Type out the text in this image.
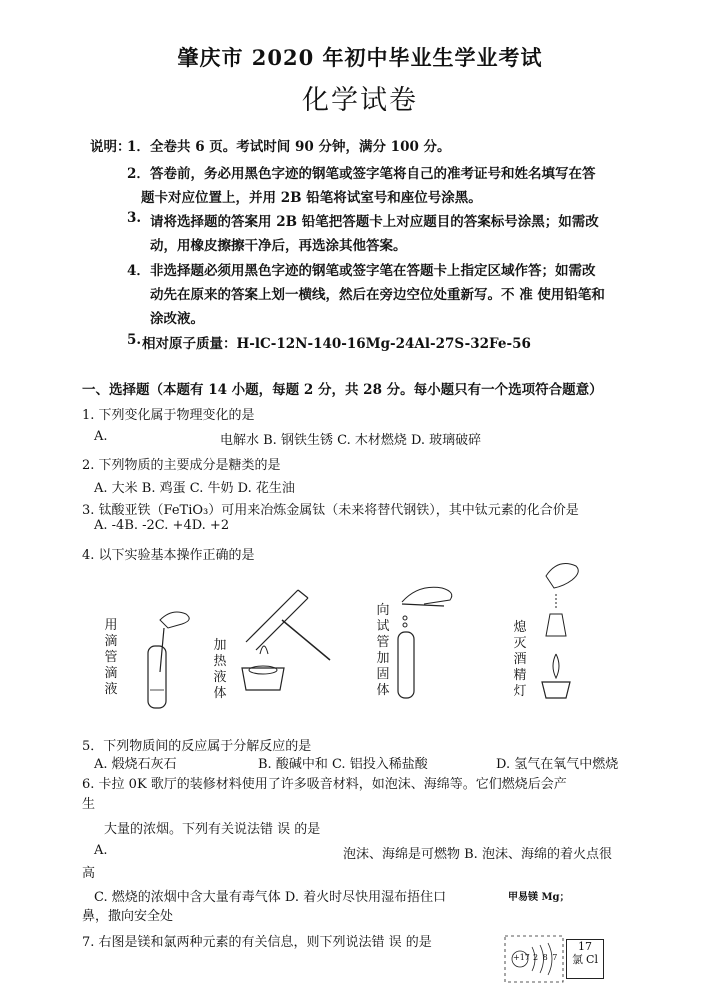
肇庆市 2020 年初中毕业生学业考试
化学试卷
说明：
1． 全卷共 6 页。考试时间 90 分钟，满分 100 分。
2． 答卷前，务必用黑色字迹的钢笔或签字笔将自己的准考证号和姓名填写在答
题卡对应位置上，并用 2B 铅笔将试室号和座位号涂黑。
3. 请将选择题的答案用 2B 铅笔把答题卡上对应题目的答案标号涂黑；如需改
动，用橡皮擦擦干净后，再选涂其他答案。
4． 非选择题必须用黑色字迹的钢笔或签字笔在答题卡上指定区域作答；如需改
动先在原来的答案上划一横线，然后在旁边空位处重新写。不 准 使用铅笔和
涂改液。
5. 相对原子质量：H-lC-12N-140-16Mg-24Al-27S-32Fe-56
一、选择题（本题有 14 小题，每题 2 分，共 28 分。每小题只有一个选项符合题意）
1. 下列变化属于物理变化的是
A.	电解水 B. 钢铁生锈 C. 木材燃烧 D. 玻璃破碎
2. 下列物质的主要成分是糖类的是
A. 大米 B. 鸡蛋 C. 牛奶 D. 花生油
3. 钛酸亚铁（FeTiO₃）可用来冶炼金属钛（未来将替代钢铁），其中钛元素的化合价是
A. -4B. -2C. +4D. +2
4. 以下实验基本操作正确的是
用滴管滴液
加热液体
向试管加固体
熄灭酒精灯
5．下列物质间的反应属于分解反应的是
A. 煅烧石灰石	B. 酸碱中和 C. 铝投入稀盐酸	D. 氢气在氧气中燃烧
6. 卡拉 0K 歌厅的装修材料使用了许多吸音材料，如泡沫、海绵等。它们燃烧后会产
生
大量的浓烟。下列有关说法错 误 的是
A.	泡沫、海绵是可燃物 B. 泡沫、海绵的着火点很
高
C. 燃烧的浓烟中含大量有毒气体 D. 着火时尽快用湿布捂住口
鼻，撒向安全处
甲易镁 Mg；
7. 右图是镁和氯两种元素的有关信息，则下列说法错 误 的是
+17 2 8 7
17
氯 Cl
